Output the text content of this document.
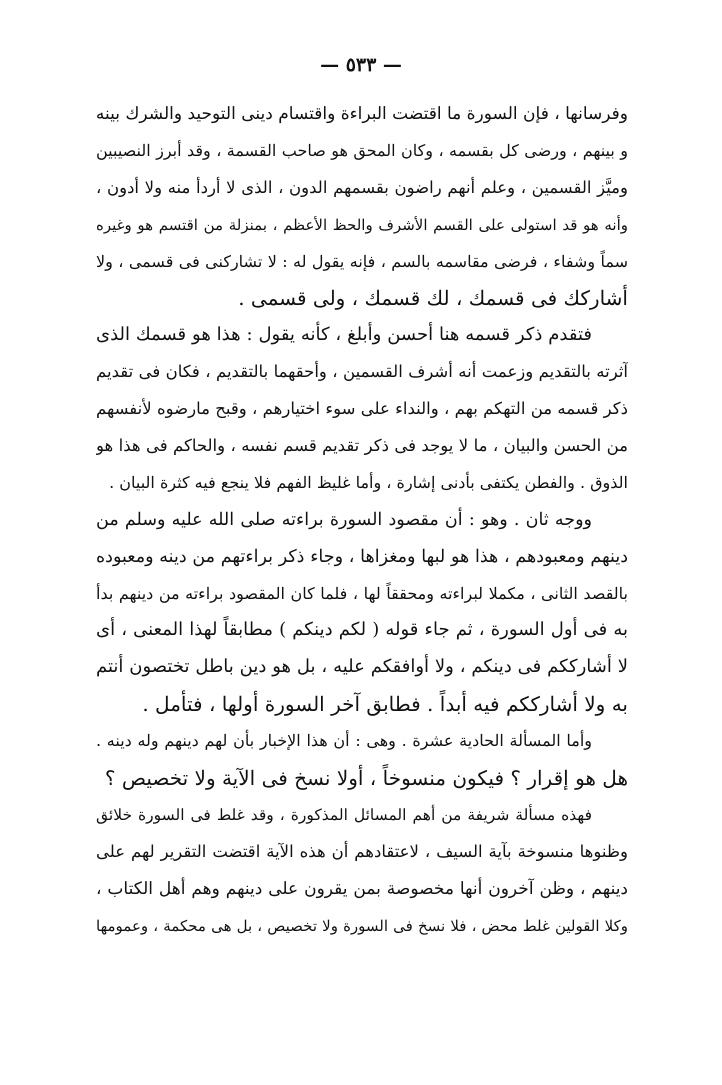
— ٥٣٣ —
وفرسانها ، فإن السورة ما اقتضت البراءة واقتسام دينى التوحيد والشرك بينه
و بينهم ، ورضى كل بقسمه ، وكان المحق هو صاحب القسمة ، وقد أبرز النصيبين
وميَّز القسمين ، وعلم أنهم راضون بقسمهم الدون ، الذى لا أردأ منه ولا أدون ،
وأنه هو قد استولى على القسم الأشرف والحظ الأعظم ، بمنزلة من اقتسم هو وغيره
سماً وشفاء ، فرضى مقاسمه بالسم ، فإنه يقول له : لا تشاركنى فى قسمى ، ولا
أشاركك فى قسمك ، لك قسمك ، ولى قسمى .
فتقدم ذكر قسمه هنا أحسن وأبلغ ، كأنه يقول : هذا هو قسمك الذى
آثرته بالتقديم وزعمت أنه أشرف القسمين ، وأحقهما بالتقديم ، فكان فى تقديم
ذكر قسمه من التهكم بهم ، والنداء على سوء اختيارهم ، وقبح مارضوه لأنفسهم
من الحسن والبيان ، ما لا يوجد فى ذكر تقديم قسم نفسه ، والحاكم فى هذا هو
الذوق . والفطن يكتفى بأدنى إشارة ، وأما غليظ الفهم فلا ينجع فيه كثرة البيان .
ووجه ثان . وهو : أن مقصود السورة براءته صلى الله عليه وسلم من
دينهم ومعبودهم ، هذا هو لبها ومغزاها ، وجاء ذكر براءتهم من دينه ومعبوده
بالقصد الثانى ، مكملا لبراءته ومحققاً لها ، فلما كان المقصود براءته من دينهم بدأ
به فى أول السورة ، ثم جاء قوله ( لكم دينكم ) مطابقاً لهذا المعنى ، أى
لا أشارككم فى دينكم ، ولا أوافقكم عليه ، بل هو دين باطل تختصون أنتم
به ولا أشارككم فيه أبداً . فطابق آخر السورة أولها ، فتأمل .
وأما المسألة الحادية عشرة . وهى : أن هذا الإخبار بأن لهم دينهم وله دينه .
هل هو إقرار ؟ فيكون منسوخاً ، أولا نسخ فى الآية ولا تخصيص ؟
فهذه مسألة شريفة من أهم المسائل المذكورة ، وقد غلط فى السورة خلائق
وظنوها منسوخة بآية السيف ، لاعتقادهم أن هذه الآية اقتضت التقرير لهم على
دينهم ، وظن آخرون أنها مخصوصة بمن يقرون على دينهم وهم أهل الكتاب ،
وكلا القولين غلط محض ، فلا نسخ فى السورة ولا تخصيص ، بل هى محكمة ، وعمومها
